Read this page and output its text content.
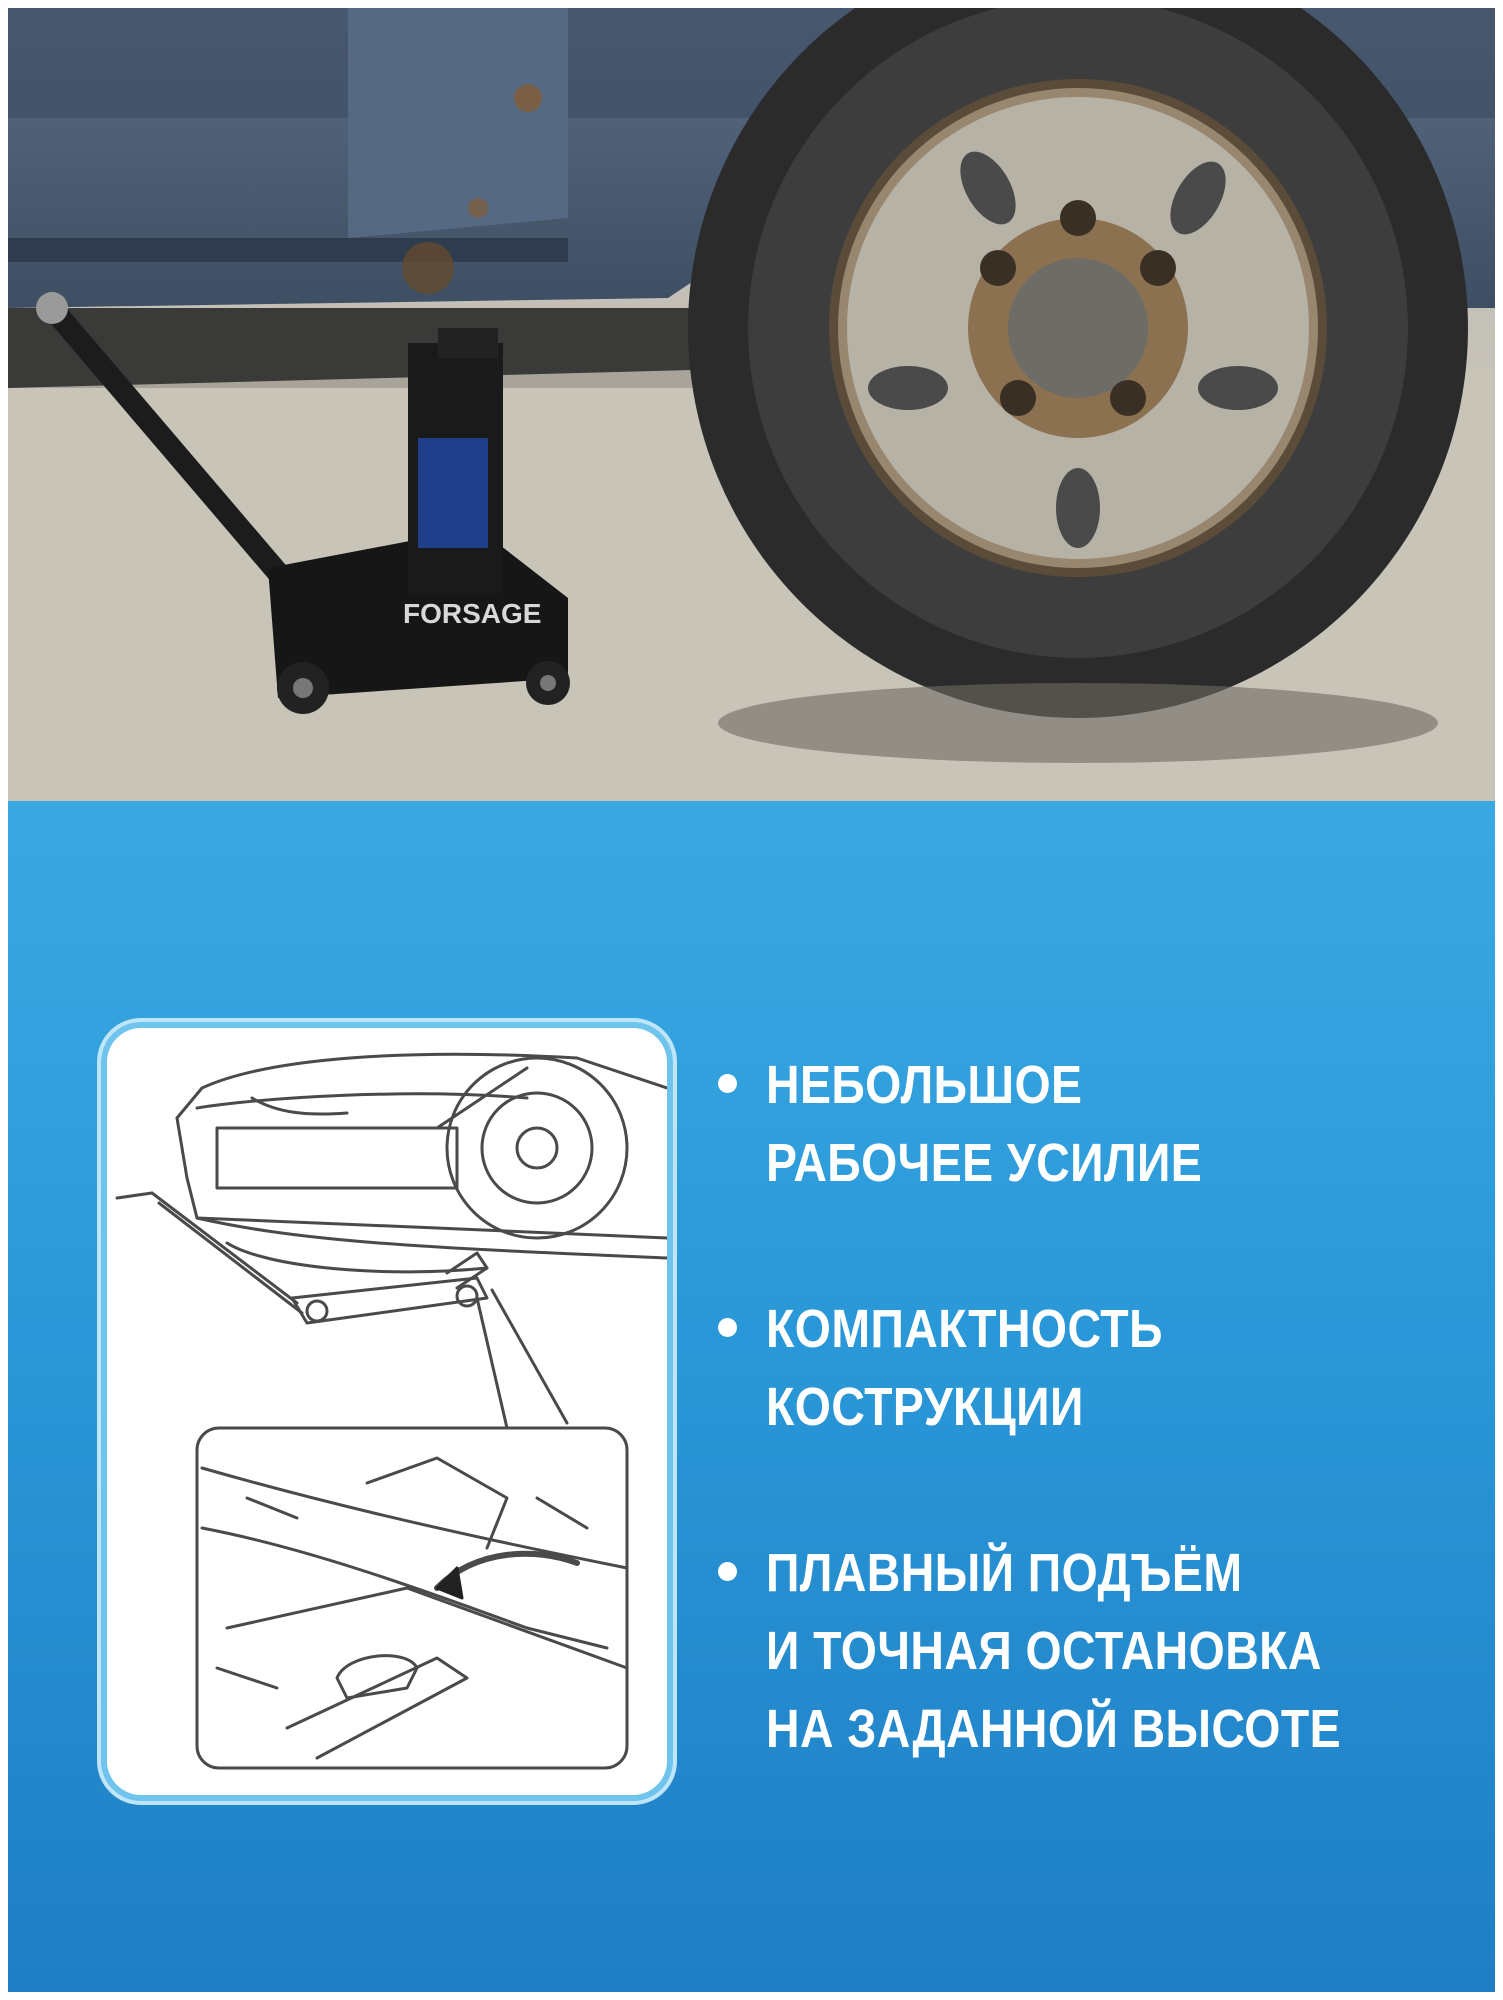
FORSAGE
НЕБОЛЬШОЕ
РАБОЧЕЕ УСИЛИЕ
КОМПАКТНОСТЬ
КОСТРУКЦИИ
ПЛАВНЫЙ ПОДЪЁМ
И ТОЧНАЯ ОСТАНОВКА
НА ЗАДАННОЙ ВЫСОТЕ
